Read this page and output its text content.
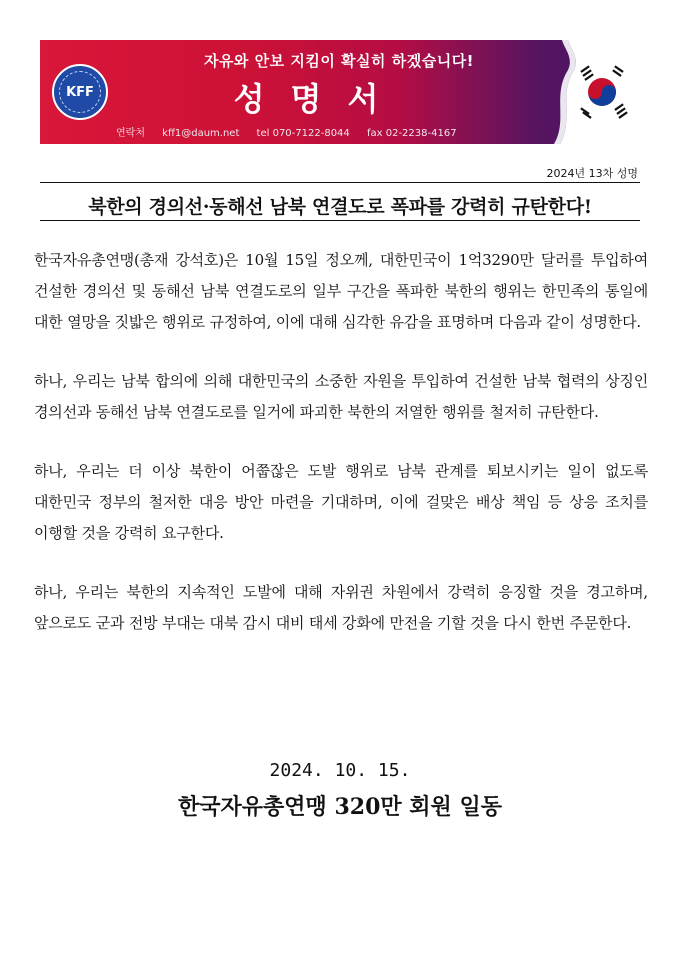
KFF
자유와 안보 지킴이 확실히 하겠습니다!
성명서
연락처 kff1@daum.net tel 070-7122-8044 fax 02-2238-4167
2024년 13차 성명
북한의 경의선·동해선 남북 연결도로 폭파를 강력히 규탄한다!

한국자유총연맹(총재 강석호)은 10월 15일 정오께, 대한민국이 1억3290만 달러를 투입하여 건설한 경의선 및 동해선 남북 연결도로의 일부 구간을 폭파한 북한의 행위는 한민족의 통일에 대한 열망을 짓밟은 행위로 규정하여, 이에 대해 심각한 유감을 표명하며 다음과 같이 성명한다.

하나, 우리는 남북 합의에 의해 대한민국의 소중한 자원을 투입하여 건설한 남북 협력의 상징인 경의선과 동해선 남북 연결도로를 일거에 파괴한 북한의 저열한 행위를 철저히 규탄한다.

하나, 우리는 더 이상 북한이 어쭙잖은 도발 행위로 남북 관계를 퇴보시키는 일이 없도록 대한민국 정부의 철저한 대응 방안 마련을 기대하며, 이에 걸맞은 배상 책임 등 상응 조치를 이행할 것을 강력히 요구한다.

하나, 우리는 북한의 지속적인 도발에 대해 자위권 차원에서 강력히 응징할 것을 경고하며, 앞으로도 군과 전방 부대는 대북 감시 대비 태세 강화에 만전을 기할 것을 다시 한번 주문한다.

2024. 10. 15.
한국자유총연맹 320만 회원 일동
